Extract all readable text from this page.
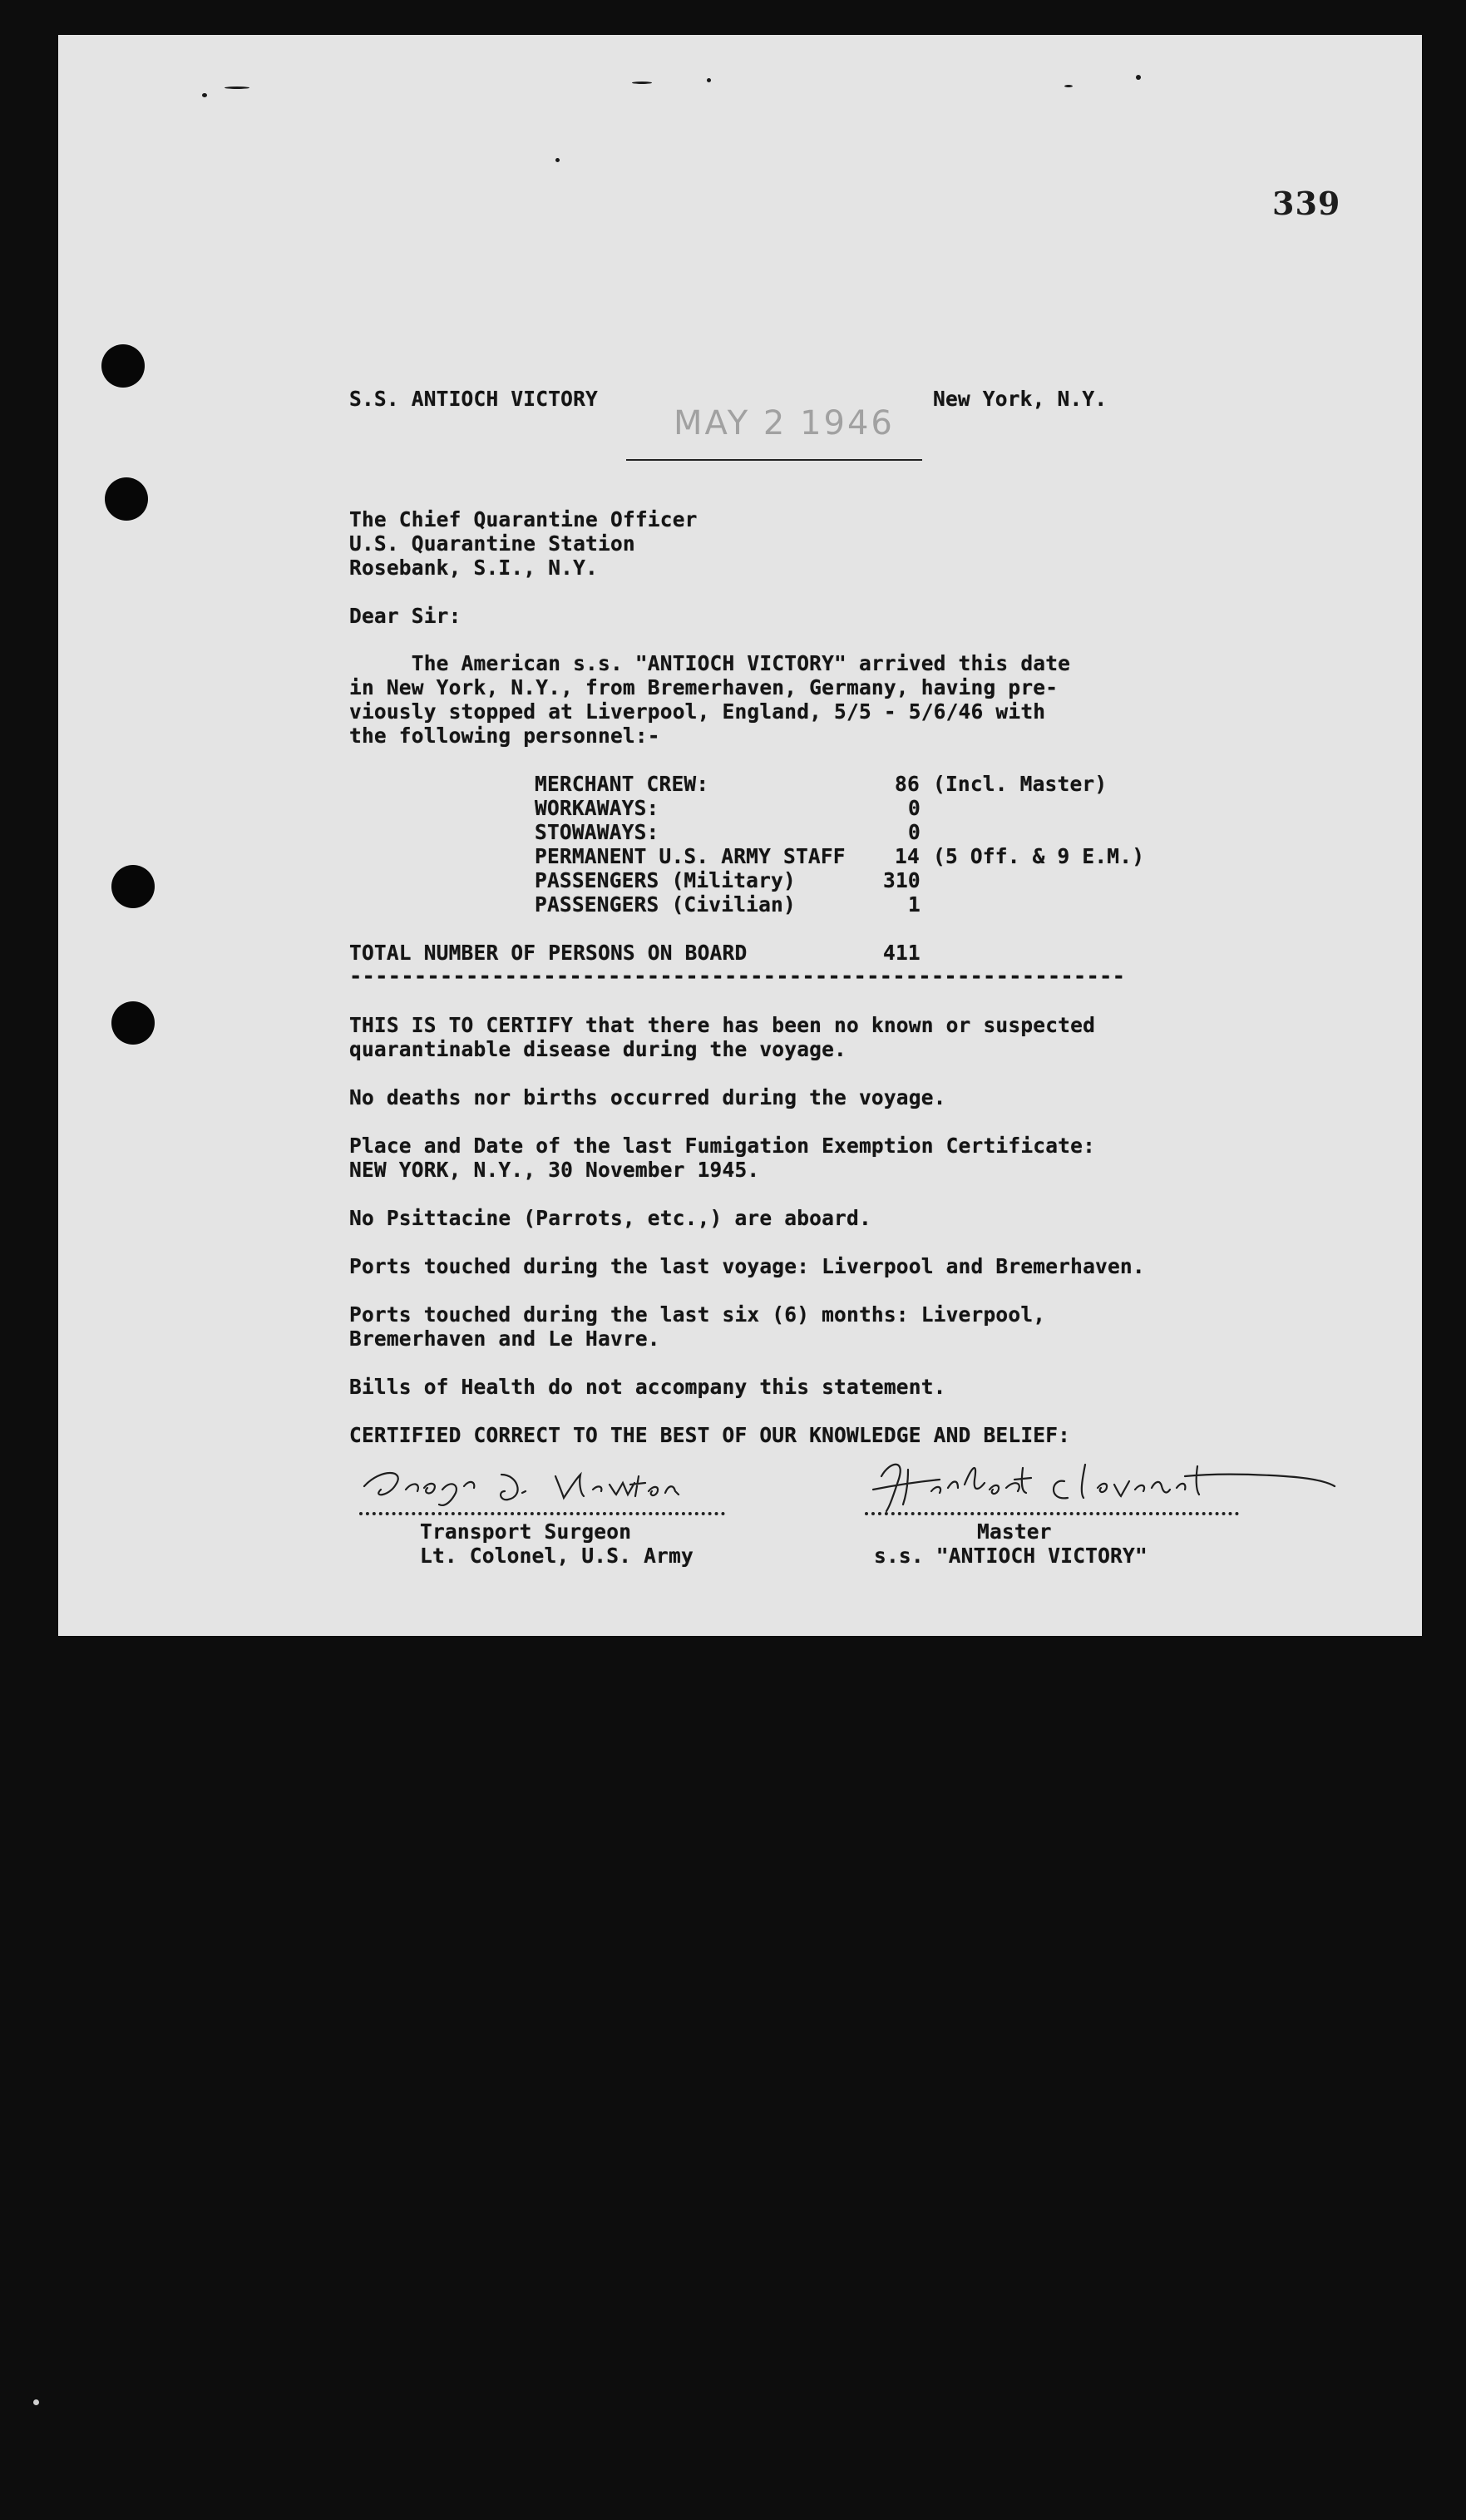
339
MAY 2 1946
S.S. ANTIOCH VICTORY	New York, N.Y.
The Chief Quarantine Officer
U.S. Quarantine Station
Rosebank, S.I., N.Y.
Dear Sir:
The American s.s. "ANTIOCH VICTORY" arrived this date
in New York, N.Y., from Bremerhaven, Germany, having pre-
viously stopped at Liverpool, England, 5/5 - 5/6/46 with
the following personnel:-
MERCHANT CREW:	86 (Incl. Master)
WORKAWAYS:	0
STOWAWAYS:	0
PERMANENT U.S. ARMY STAFF 14 (5 Off. & 9 E.M.)
PASSENGERS (Military)	310
PASSENGERS (Civilian)	1
TOTAL NUMBER OF PERSONS ON BOARD	411
------------------------------------------------------------
THIS IS TO CERTIFY that there has been no known or suspected
quarantinable disease during the voyage.
No deaths nor births occurred during the voyage.
Place and Date of the last Fumigation Exemption Certificate:
NEW YORK, N.Y., 30 November 1945.
No Psittacine (Parrots, etc.,) are aboard.
Ports touched during the last voyage: Liverpool and Bremerhaven.
Ports touched during the last six (6) months: Liverpool,
Bremerhaven and Le Havre.
Bills of Health do not accompany this statement.
CERTIFIED CORRECT TO THE BEST OF OUR KNOWLEDGE AND BELIEF:
Transport Surgeon
Lt. Colonel, U.S. Army
Master
s.s. "ANTIOCH VICTORY"
